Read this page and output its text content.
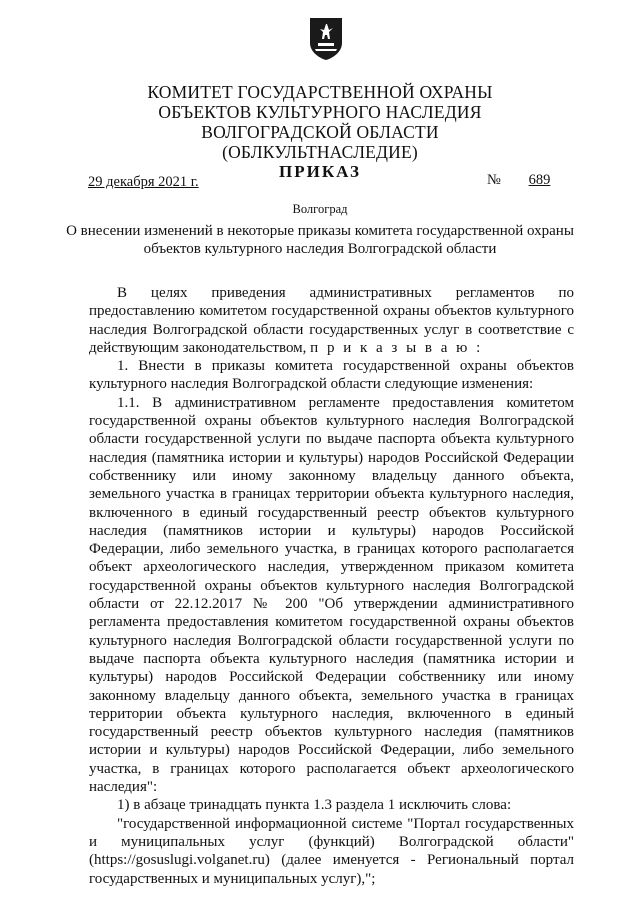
КОМИТЕТ ГОСУДАРСТВЕННОЙ ОХРАНЫ
ОБЪЕКТОВ КУЛЬТУРНОГО НАСЛЕДИЯ
ВОЛГОГРАДСКОЙ ОБЛАСТИ
(ОБЛКУЛЬТНАСЛЕДИЕ)
ПРИКАЗ
29 декабря 2021 г.	№ 689
Волгоград
О внесении изменений в некоторые приказы комитета государственной охраны объектов культурного наследия Волгоградской области

В целях приведения административных регламентов по предоставлению комитетом государственной охраны объектов культурного наследия Волгоградской области государственных услуг в соответствие с действующим законодательством, п р и к а з ы в а ю :

1. Внести в приказы комитета государственной охраны объектов культурного наследия Волгоградской области следующие изменения:

1.1. В административном регламенте предоставления комитетом государственной охраны объектов культурного наследия Волгоградской области государственной услуги по выдаче паспорта объекта культурного наследия (памятника истории и культуры) народов Российской Федерации собственнику или иному законному владельцу данного объекта, земельного участка в границах территории объекта культурного наследия, включенного в единый государственный реестр объектов культурного наследия (памятников истории и культуры) народов Российской Федерации, либо земельного участка, в границах которого располагается объект археологического наследия, утвержденном приказом комитета государственной охраны объектов культурного наследия Волгоградской области от 22.12.2017 № 200 "Об утверждении административного регламента предоставления комитетом государственной охраны объектов культурного наследия Волгоградской области государственной услуги по выдаче паспорта объекта культурного наследия (памятника истории и культуры) народов Российской Федерации собственнику или иному законному владельцу данного объекта, земельного участка в границах территории объекта культурного наследия, включенного в единый государственный реестр объектов культурного наследия (памятников истории и культуры) народов Российской Федерации, либо земельного участка, в границах которого располагается объект археологического наследия":

1) в абзаце тринадцать пункта 1.3 раздела 1 исключить слова:

"государственной информационной системе "Портал государственных и муниципальных услуг (функций) Волгоградской области" (https://gosuslugi.volganet.ru) (далее именуется - Региональный портал государственных и муниципальных услуг),";
